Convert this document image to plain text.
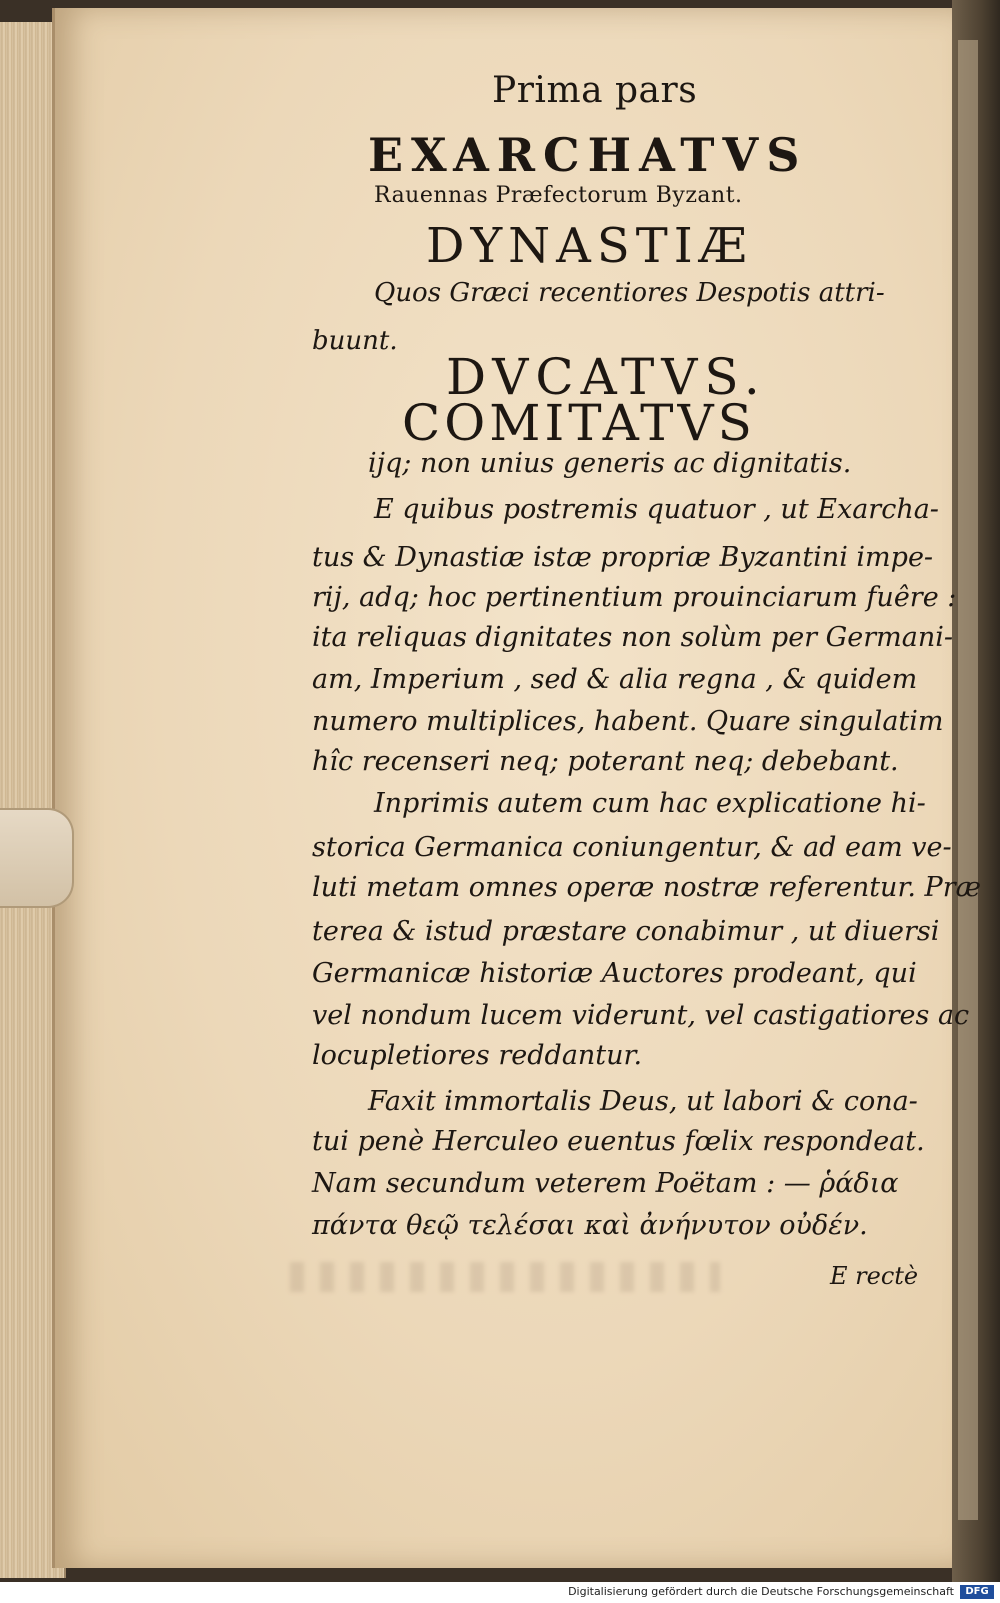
Prima pars

EXARCHATVS

Rauennas Præfectorum Byzant.

DYNASTIÆ

Quos Græci recentiores Despotis attri-

buunt.

DVCATVS.

COMITATVS

ijq; non unius generis ac dignitatis.

E quibus postremis quatuor , ut Exarcha-

tus & Dynastiæ istæ propriæ Byzantini impe-

rij, adq; hoc pertinentium prouinciarum fuêre :

ita reliquas dignitates non solùm per Germani-

am, Imperium , sed & alia regna , & quidem

numero multiplices, habent. Quare singulatim

hîc recenseri neq; poterant neq; debebant.

Inprimis autem cum hac explicatione hi-

storica Germanica coniungentur, & ad eam ve-

luti metam omnes operæ nostræ referentur. Præ

terea & istud præstare conabimur , ut diuersi

Germanicæ historiæ Auctores prodeant, qui

vel nondum lucem viderunt, vel castigatiores ac

locupletiores reddantur.

Faxit immortalis Deus, ut labori & cona-

tui penè Herculeo euentus fœlix respondeat.

Nam secundum veterem Poëtam : — ῥάδια

πάντα θεῷ τελέσαι καὶ ἀνήνυτον οὐδέν.

E rectè

Digitalisierung gefördert durch die Deutsche Forschungsgemeinschaft	DFG
